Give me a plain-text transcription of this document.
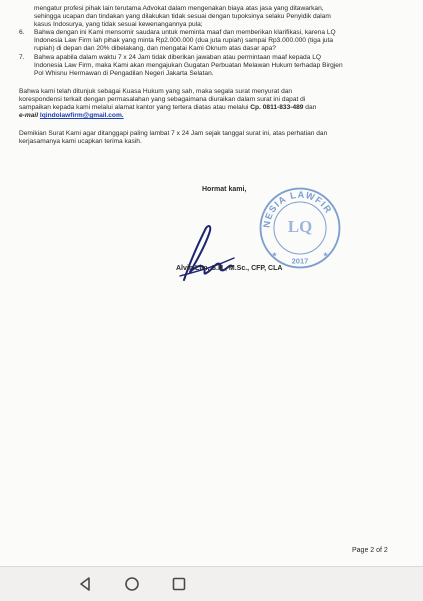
mengatur profesi pihak lain terutama Advokat dalam mengenakan biaya atas jasa yang ditawarkan,
sehingga ucapan dan tindakan yang dilakukan tidak sesuai dengan tupoksinya selaku Penyidik dalam
kasus Indosurya, yang tidak sesuai kewenangannya pula;
6. Bahwa dengan ini Kami mensomir saudara untuk meminta maaf dan memberikan klarifikasi, karena LQ
Indonesia Law Firm lah pihak yang minta Rp2.000.000 (dua juta rupiah) sampai Rp3.000.000 (tiga juta
rupiah) di depan dan 20% dibelakang, dan mengatai Kami Oknum atas dasar apa?
7. Bahwa apabila dalam waktu 7 x 24 Jam tidak diberikan jawaban atau permintaan maaf kepada LQ
Indonesia Law Firm, maka Kami akan mengajukan Gugatan Perbuatan Melawan Hukum terhadap Birgjen
Pol Whisnu Hermawan di Pengadilan Negeri Jakarta Selatan.
Bahwa kami telah ditunjuk sebagai Kuasa Hukum yang sah, maka segala surat menyurat dan
korespondensi terkait dengan permasalahan yang sebagaimana diuraikan dalam surat ini dapat di
sampaikan kepada kami melalui alamat kantor yang tertera diatas atau melalui Cp. 0811-833-489 dan
e-mail lqindolawfirm@gmail.com.
Demikian Surat Kami agar ditanggapi paling lambat 7 x 24 Jam sejak tanggal surat ini, atas perhatian dan
kerjasamanya kami ucapkan terima kasih.
Hormat kami,
NESIA LAWFIR
LQ
2017
★	★
Alvin Lim, S.H., M.Sc., CFP, CLA
Page 2 of 2
